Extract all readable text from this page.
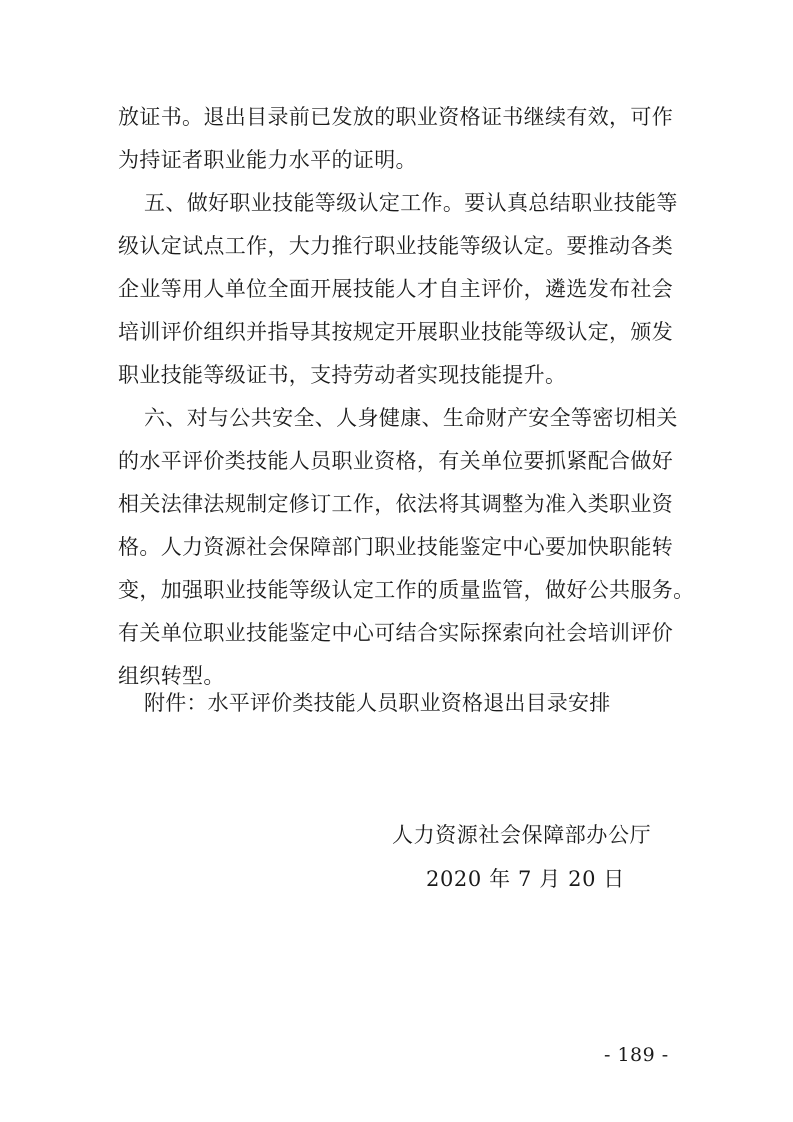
放证书。退出目录前已发放的职业资格证书继续有效，可作
为持证者职业能力水平的证明。
五、做好职业技能等级认定工作。要认真总结职业技能等
级认定试点工作，大力推行职业技能等级认定。要推动各类
企业等用人单位全面开展技能人才自主评价，遴选发布社会
培训评价组织并指导其按规定开展职业技能等级认定，颁发
职业技能等级证书，支持劳动者实现技能提升。
六、对与公共安全、人身健康、生命财产安全等密切相关
的水平评价类技能人员职业资格，有关单位要抓紧配合做好
相关法律法规制定修订工作，依法将其调整为准入类职业资
格。人力资源社会保障部门职业技能鉴定中心要加快职能转
变，加强职业技能等级认定工作的质量监管，做好公共服务。
有关单位职业技能鉴定中心可结合实际探索向社会培训评价
组织转型。
附件：水平评价类技能人员职业资格退出目录安排
人力资源社会保障部办公厅
2020 年 7 月 20 日
- 189 -
